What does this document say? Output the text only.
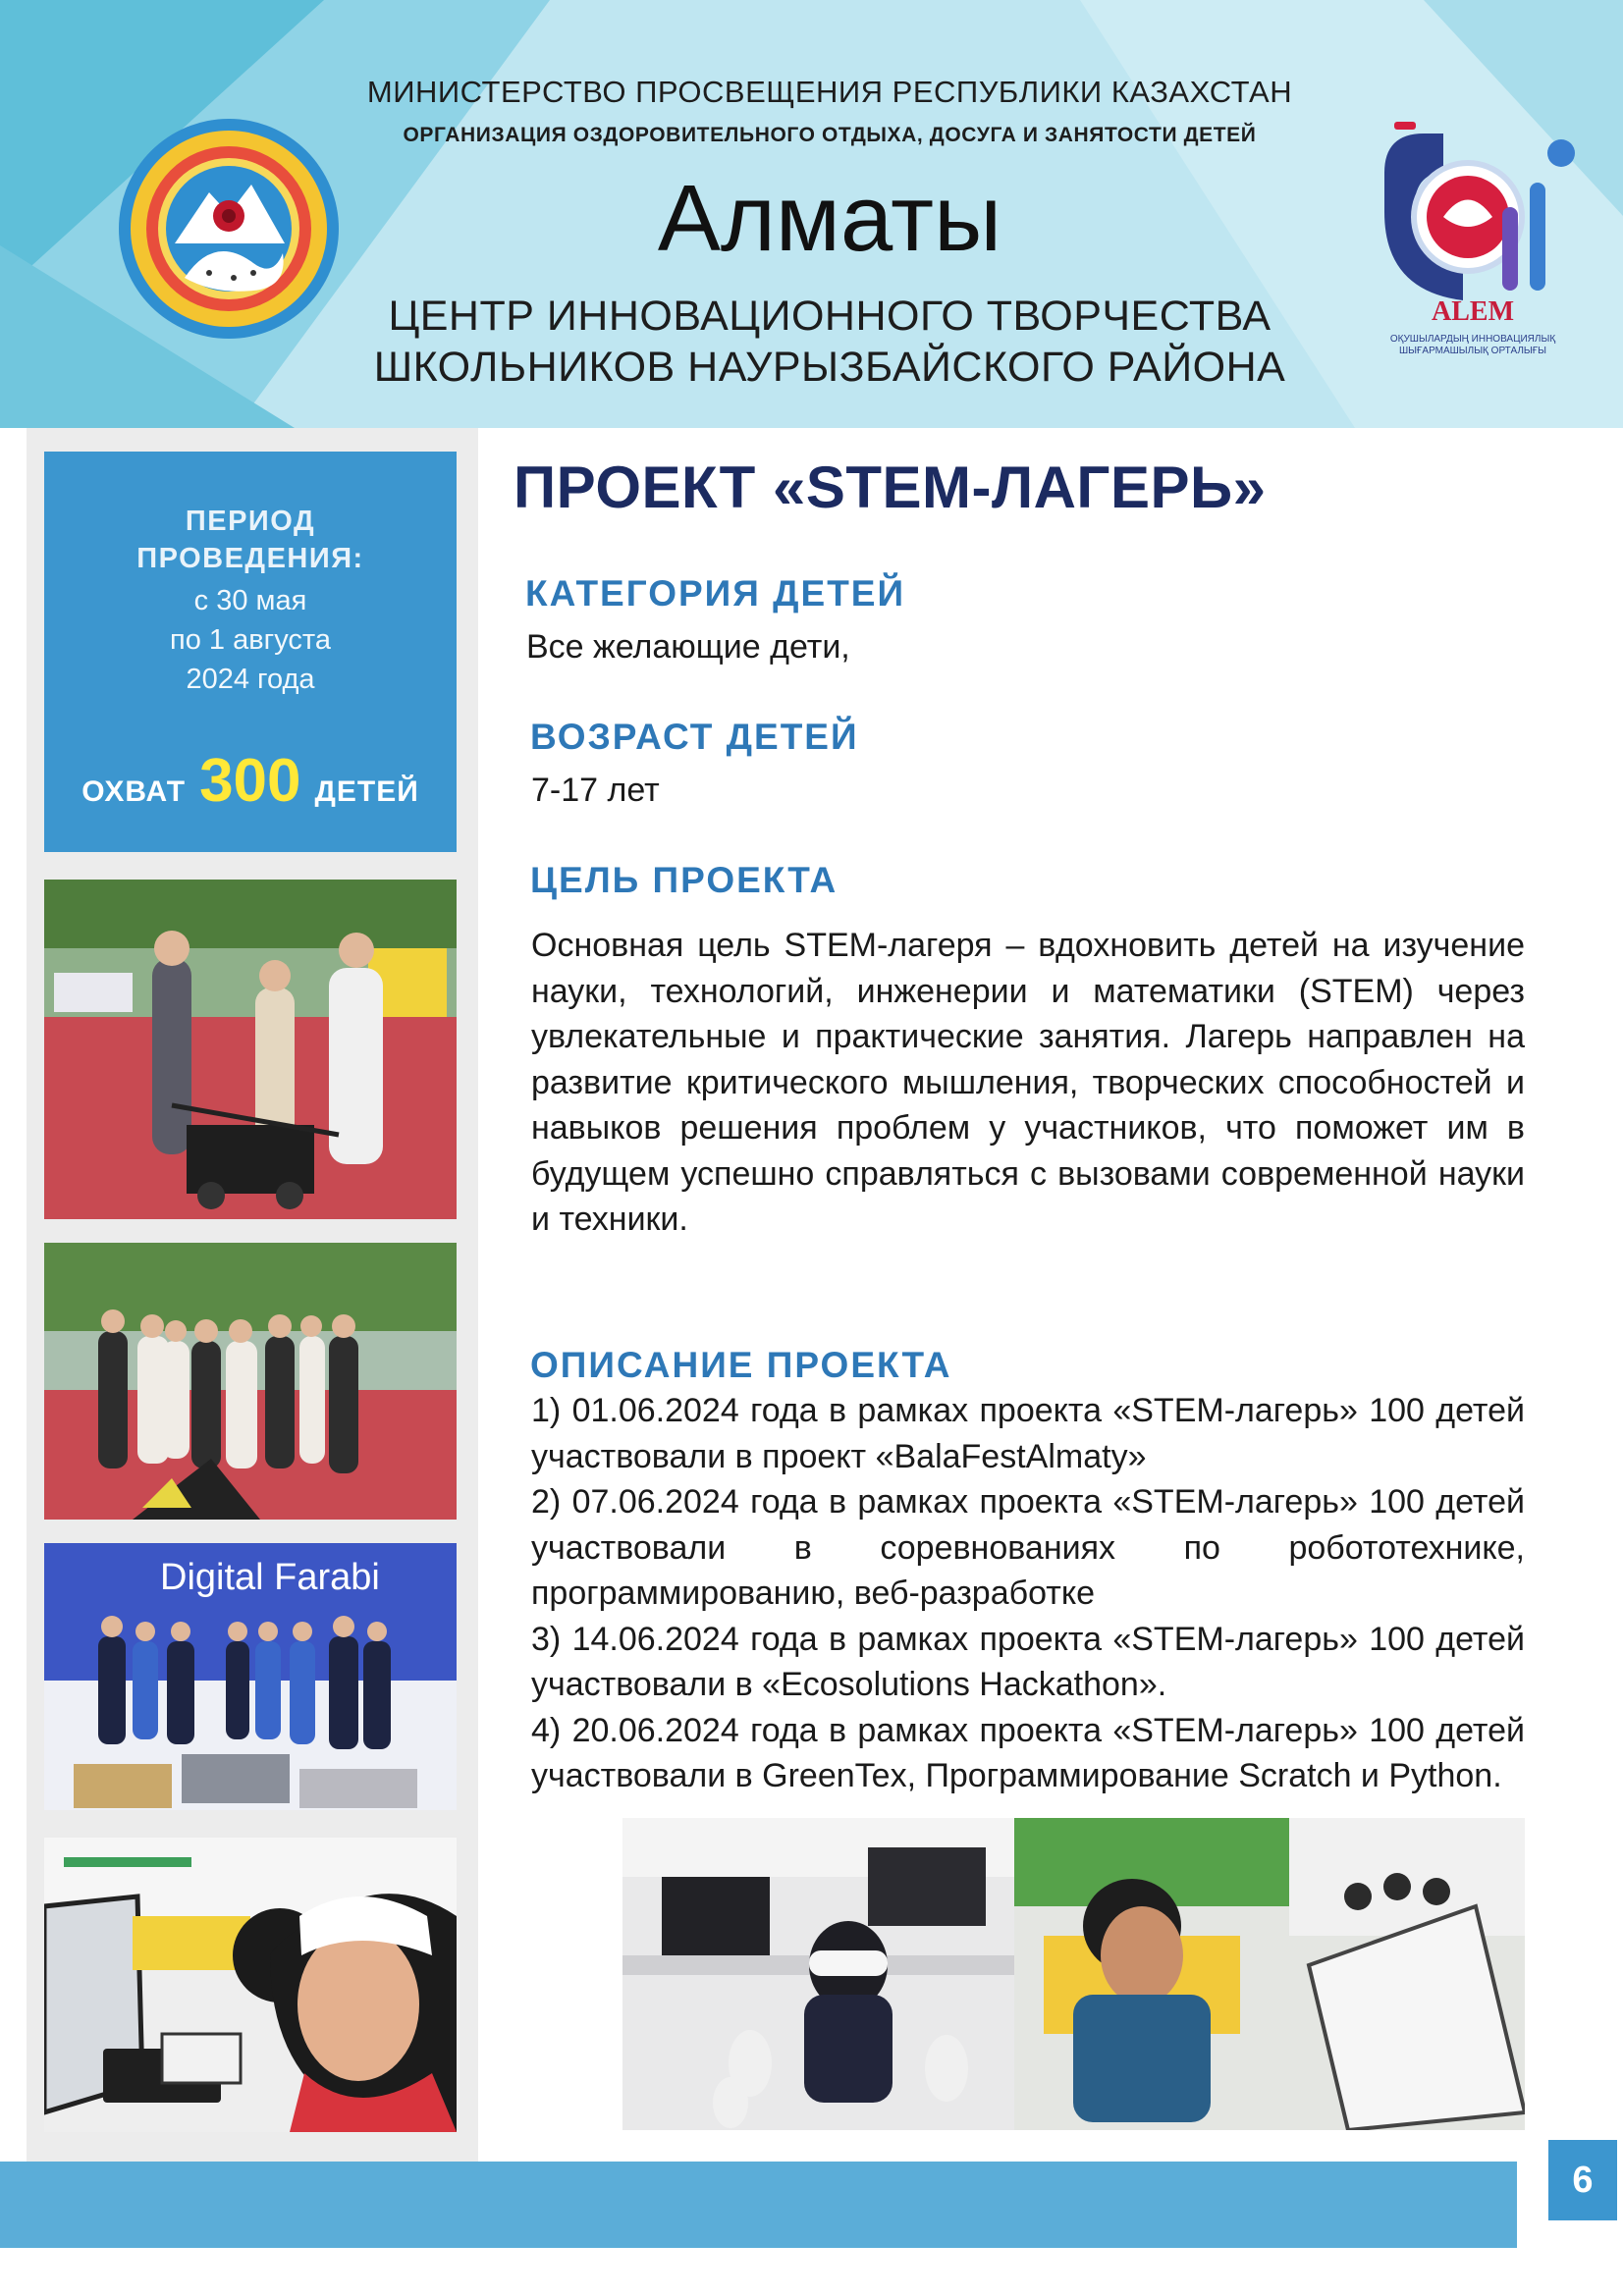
МИНИСТЕРСТВО ПРОСВЕЩЕНИЯ РЕСПУБЛИКИ КАЗАХСТАН
ОРГАНИЗАЦИЯ ОЗДОРОВИТЕЛЬНОГО ОТДЫХА, ДОСУГА И ЗАНЯТОСТИ ДЕТЕЙ
Алматы
ЦЕНТР ИННОВАЦИОННОГО ТВОРЧЕСТВА
ШКОЛЬНИКОВ НАУРЫЗБАЙСКОГО РАЙОНА
ALEM
ОҚУШЫЛАРДЫҢ ИННОВАЦИЯЛЫҚ
ШЫҒАРМАШЫЛЫҚ ОРТАЛЫҒЫ
ПЕРИОД
ПРОВЕДЕНИЯ:
с 30 мая
по 1 августа
2024 года
ОХВАТ 300 ДЕТЕЙ
Digital Farabi
ПРОЕКТ «STEM-ЛАГЕРЬ»
КАТЕГОРИЯ ДЕТЕЙ
Все желающие дети,
ВОЗРАСТ ДЕТЕЙ
7-17 лет
ЦЕЛЬ ПРОЕКТА
Основная цель STEM-лагеря – вдохновить детей на изучение науки, технологий, инженерии и математики (STEM) через увлекательные и практические занятия. Лагерь направлен на развитие критического мышления, творческих способностей и навыков решения проблем у участников, что поможет им в будущем успешно справляться с вызовами современной науки и техники.
ОПИСАНИЕ ПРОЕКТА
1) 01.06.2024 года в рамках проекта «STEM-лагерь» 100 детей участвовали в проект «BalaFestAlmaty»
2) 07.06.2024 года в рамках проекта «STEM-лагерь» 100 детей участвовали в соревнованиях по робототехнике, программированию, веб-разработке
3) 14.06.2024 года в рамках проекта «STEM-лагерь» 100 детей участвовали в «Ecosolutions Hackathon».
4) 20.06.2024 года в рамках проекта «STEM-лагерь» 100 детей участвовали в GreenTex, Программирование Scratch и Python.
6
